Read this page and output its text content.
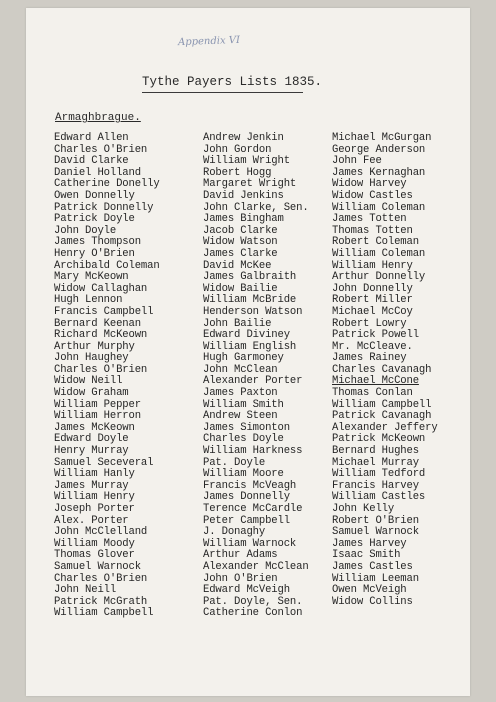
Appendix VI
Tythe Payers Lists 1835.
Armaghbrague.
Edward Allen
Charles O'Brien
David Clarke
Daniel Holland
Catherine Donelly
Owen Donnelly
Patrick Donnelly
Patrick Doyle
John Doyle
James Thompson
Henry O'Brien
Archibald Coleman
Mary McKeown
Widow Callaghan
Hugh Lennon
Francis Campbell
Bernard Keenan
Richard McKeown
Arthur Murphy
John Haughey
Charles O'Brien
Widow Neill
Widow Graham
William Pepper
William Herron
James McKeown
Edward Doyle
Henry Murray
Samuel Seceveral
William Hanly
James Murray
William Henry
Joseph Porter
Alex. Porter
John McClelland
William Moody
Thomas Glover
Samuel Warnock
Charles O'Brien
John Neill
Patrick McGrath
William Campbell
Andrew Jenkin
John Gordon
William Wright
Robert Hogg
Margaret Wright
David Jenkins
John Clarke, Sen.
James Bingham
Jacob Clarke
Widow Watson
James Clarke
David McKee
James Galbraith
Widow Bailie
William McBride
Henderson Watson
John Bailie
Edward Diviney
William English
Hugh Garmoney
John McClean
Alexander Porter
James Paxton
William Smith
Andrew Steen
James Simonton
Charles Doyle
William Harkness
Pat. Doyle
William Moore
Francis McVeagh
James Donnelly
Terence McCardle
Peter Campbell
J. Donaghy
William Warnock
Arthur Adams
Alexander McClean
John O'Brien
Edward McVeigh
Pat. Doyle, Sen.
Catherine Conlon
Michael McGurgan
George Anderson
John Fee
James Kernaghan
Widow Harvey
Widow Castles
William Coleman
James Totten
Thomas Totten
Robert Coleman
William Coleman
William Henry
Arthur Donnelly
John Donnelly
Robert Miller
Michael McCoy
Robert Lowry
Patrick Powell
Mr. McCleave.
James Rainey
Charles Cavanagh
Michael McCone
Thomas Conlan
William Campbell
Patrick Cavanagh
Alexander Jeffery
Patrick McKeown
Bernard Hughes
Michael Murray
William Tedford
Francis Harvey
William Castles
John Kelly
Robert O'Brien
Samuel Warnock
James Harvey
Isaac Smith
James Castles
William Leeman
Owen McVeigh
Widow Collins
